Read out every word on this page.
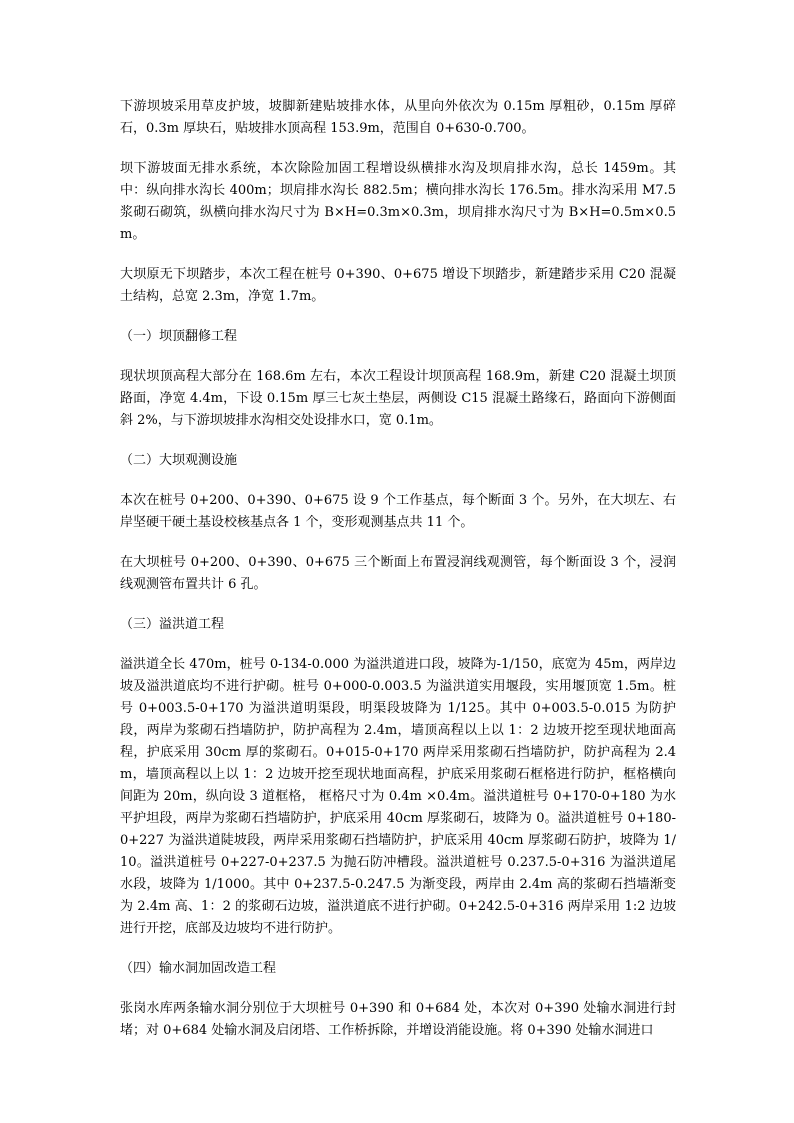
下游坝坡采用草皮护坡，坡脚新建贴坡排水体，从里向外依次为 0.15m 厚粗砂，0.15m 厚碎石，0.3m 厚块石，贴坡排水顶高程 153.9m，范围自 0+630-0.700。

坝下游坡面无排水系统，本次除险加固工程增设纵横排水沟及坝肩排水沟，总长 1459m。其中：纵向排水沟长 400m；坝肩排水沟长 882.5m；横向排水沟长 176.5m。排水沟采用 M7.5 浆砌石砌筑，纵横向排水沟尺寸为 B×H=0.3m×0.3m，坝肩排水沟尺寸为 B×H=0.5m×0.5m。

大坝原无下坝踏步，本次工程在桩号 0+390、0+675 增设下坝踏步，新建踏步采用 C20 混凝土结构，总宽 2.3m，净宽 1.7m。

（一）坝顶翻修工程

现状坝顶高程大部分在 168.6m 左右，本次工程设计坝顶高程 168.9m，新建 C20 混凝土坝顶路面，净宽 4.4m，下设 0.15m 厚三七灰土垫层，两侧设 C15 混凝土路缘石，路面向下游侧面斜 2%，与下游坝坡排水沟相交处设排水口，宽 0.1m。

（二）大坝观测设施

本次在桩号 0+200、0+390、0+675 设 9 个工作基点，每个断面 3 个。另外，在大坝左、右岸坚硬干硬土基设校核基点各 1 个，变形观测基点共 11 个。

在大坝桩号 0+200、0+390、0+675 三个断面上布置浸润线观测管，每个断面设 3 个，浸润线观测管布置共计 6 孔。

（三）溢洪道工程

溢洪道全长 470m，桩号 0-134-0.000 为溢洪道进口段，坡降为-1/150，底宽为 45m，两岸边坡及溢洪道底均不进行护砌。桩号 0+000-0.003.5 为溢洪道实用堰段，实用堰顶宽 1.5m。桩号 0+003.5-0+170 为溢洪道明渠段，明渠段坡降为 1/125。其中 0+003.5-0.015 为防护段，两岸为浆砌石挡墙防护，防护高程为 2.4m，墙顶高程以上以 1：2 边坡开挖至现状地面高程，护底采用 30cm 厚的浆砌石。0+015-0+170 两岸采用浆砌石挡墙防护，防护高程为 2.4m，墙顶高程以上以 1：2 边坡开挖至现状地面高程，护底采用浆砌石框格进行防护，框格横向间距为 20m，纵向设 3 道框格， 框格尺寸为 0.4m ×0.4m。溢洪道桩号 0+170-0+180 为水平护坦段，两岸为浆砌石挡墙防护，护底采用 40cm 厚浆砌石，坡降为 0。溢洪道桩号 0+180-0+227 为溢洪道陡坡段，两岸采用浆砌石挡墙防护，护底采用 40cm 厚浆砌石防护，坡降为 1/10。溢洪道桩号 0+227-0+237.5 为抛石防冲槽段。溢洪道桩号 0.237.5-0+316 为溢洪道尾水段，坡降为 1/1000。其中 0+237.5-0.247.5 为渐变段，两岸由 2.4m 高的浆砌石挡墙渐变为 2.4m 高、1：2 的浆砌石边坡，溢洪道底不进行护砌。0+242.5-0+316 两岸采用 1:2 边坡进行开挖，底部及边坡均不进行防护。

（四）输水洞加固改造工程

张岗水库两条输水洞分别位于大坝桩号 0+390 和 0+684 处，本次对 0+390 处输水洞进行封堵；对 0+684 处输水洞及启闭塔、工作桥拆除，并增设消能设施。将 0+390 处输水洞进口
